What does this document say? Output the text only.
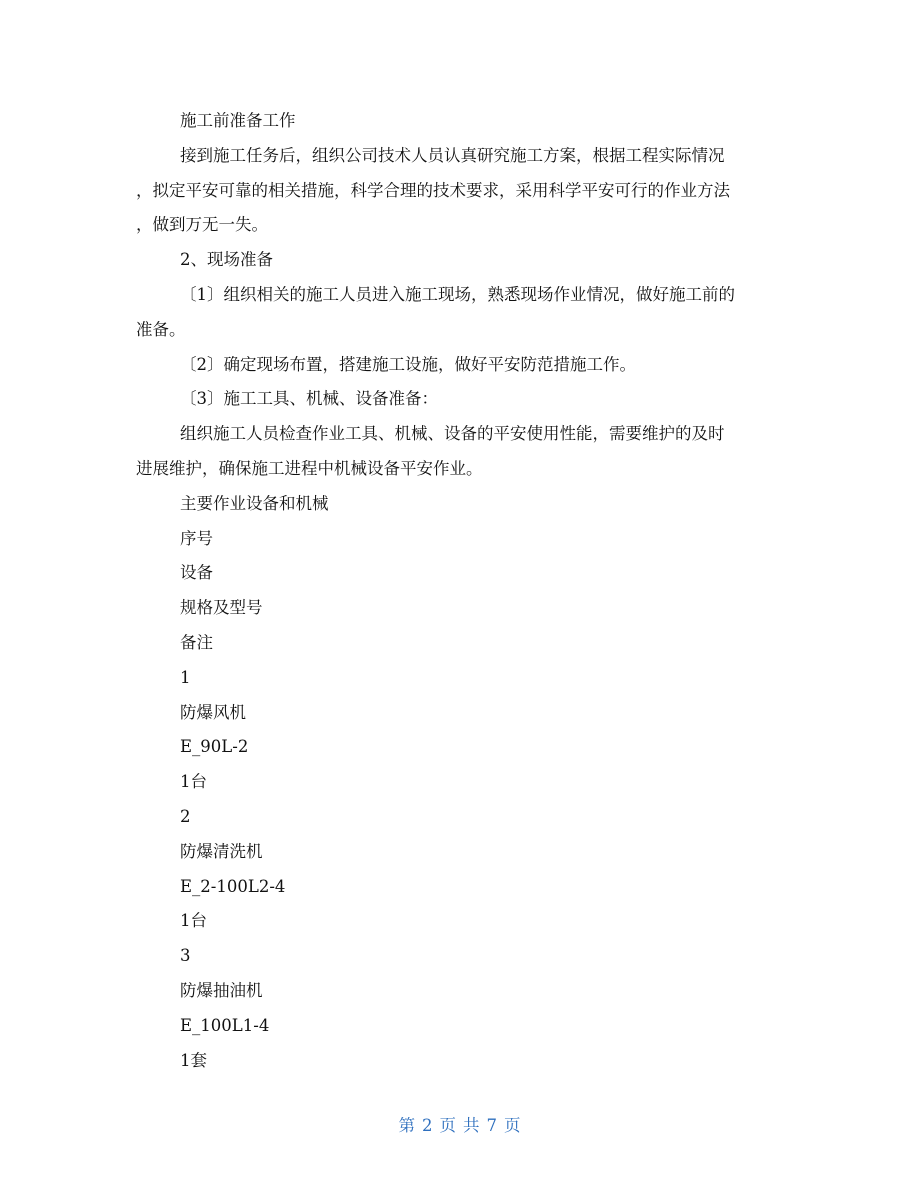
施工前准备工作
接到施工任务后，组织公司技术人员认真研究施工方案，根据工程实际情况
，拟定平安可靠的相关措施，科学合理的技术要求，采用科学平安可行的作业方法
，做到万无一失。
2、现场准备
〔1〕组织相关的施工人员进入施工现场，熟悉现场作业情况，做好施工前的
准备。
〔2〕确定现场布置，搭建施工设施，做好平安防范措施工作。
〔3〕施工工具、机械、设备准备：
组织施工人员检查作业工具、机械、设备的平安使用性能，需要维护的及时
进展维护，确保施工进程中机械设备平安作业。
主要作业设备和机械
序号
设备
规格及型号
备注
1
防爆风机
E_90L-2
1台
2
防爆清洗机
E_2-100L2-4
1台
3
防爆抽油机
E_100L1-4
1套
第 2 页 共 7 页
